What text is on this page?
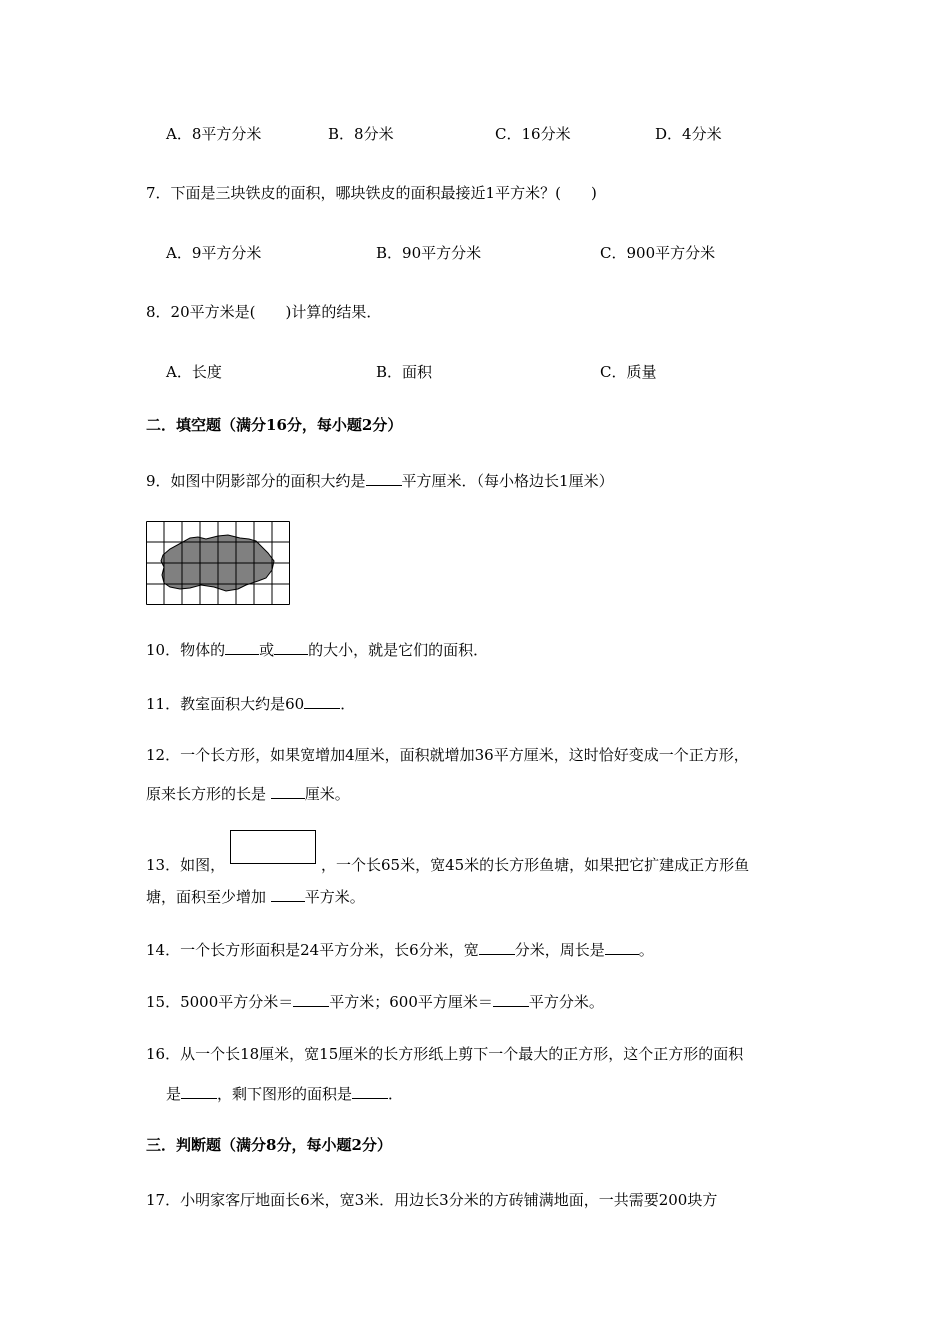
A．8平方分米	B．8分米	C．16分米	D．4分米
7．下面是三块铁皮的面积，哪块铁皮的面积最接近1平方米？(　　)
A．9平方分米	B．90平方分米	C．900平方分米
8．20平方米是(　　)计算的结果．
A．长度	B．面积	C．质量
二．填空题（满分16分，每小题2分）
9．如图中阴影部分的面积大约是 平方厘米．（每小格边长1厘米）
10．物体的 或 的大小，就是它们的面积．
11．教室面积大约是60 ．
12．一个长方形，如果宽增加4厘米，面积就增加36平方厘米，这时恰好变成一个正方形，
原来长方形的长是 厘米。
13．如图，	，一个长65米，宽45米的长方形鱼塘，如果把它扩建成正方形鱼
塘，面积至少增加 平方米。
14．一个长方形面积是24平方分米，长6分米，宽 分米，周长是 。
15．5000平方分米＝ 平方米；600平方厘米＝ 平方分米。
16．从一个长18厘米，宽15厘米的长方形纸上剪下一个最大的正方形，这个正方形的面积
是 ，剩下图形的面积是 ．
三．判断题（满分8分，每小题2分）
17．小明家客厅地面长6米，宽3米．用边长3分米的方砖铺满地面，一共需要200块方
